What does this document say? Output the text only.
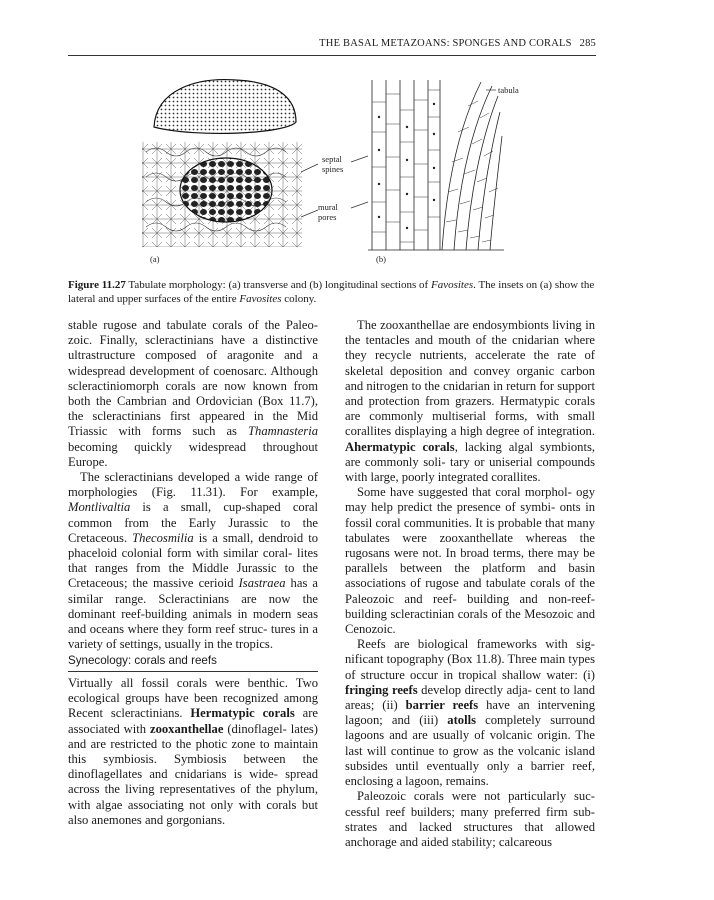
THE BASAL METAZOANS: SPONGES AND CORALS 285
(a)
septal
spines
mural
pores
(b)
tabula
Figure 11.27 Tabulate morphology: (a) transverse and (b) longitudinal sections of Favosites. The insets on (a) show the lateral and upper surfaces of the entire Favosites colony.

stable rugose and tabulate corals of the Paleo- zoic. Finally, scleractinians have a distinctive ultrastructure composed of aragonite and a widespread development of coenosarc. Although scleractiniomorph corals are now known from both the Cambrian and Ordovician (Box 11.7), the scleractinians first appeared in the Mid Triassic with forms such as Thamnasteria becoming quickly widespread throughout Europe.

The scleractinians developed a wide range of morphologies (Fig. 11.31). For example, Montlivaltia is a small, cup-shaped coral common from the Early Jurassic to the Cretaceous. Thecosmilia is a small, dendroid to phaceloid colonial form with similar coral- lites that ranges from the Middle Jurassic to the Cretaceous; the massive cerioid Isastraea has a similar range. Scleractinians are now the dominant reef-building animals in modern seas and oceans where they form reef struc- tures in a variety of settings, usually in the tropics.

Synecology: corals and reefs

Virtually all fossil corals were benthic. Two ecological groups have been recognized among Recent scleractinians. Hermatypic corals are associated with zooxanthellae (dinoflagel- lates) and are restricted to the photic zone to maintain this symbiosis. Symbiosis between the dinoflagellates and cnidarians is wide- spread across the living representatives of the phylum, with algae associating not only with corals but also anemones and gorgonians.

The zooxanthellae are endosymbionts living in the tentacles and mouth of the cnidarian where they recycle nutrients, accelerate the rate of skeletal deposition and convey organic carbon and nitrogen to the cnidarian in return for support and protection from grazers. Hermatypic corals are commonly multiserial forms, with small corallites displaying a high degree of integration. Ahermatypic corals, lacking algal symbionts, are commonly soli- tary or uniserial compounds with large, poorly integrated corallites.

Some have suggested that coral morphol- ogy may help predict the presence of symbi- onts in fossil coral communities. It is probable that many tabulates were zooxanthellate whereas the rugosans were not. In broad terms, there may be parallels between the platform and basin associations of rugose and tabulate corals of the Paleozoic and reef- building and non-reef-building scleractinian corals of the Mesozoic and Cenozoic.

Reefs are biological frameworks with sig- nificant topography (Box 11.8). Three main types of structure occur in tropical shallow water: (i) fringing reefs develop directly adja- cent to land areas; (ii) barrier reefs have an intervening lagoon; and (iii) atolls completely surround lagoons and are usually of volcanic origin. The last will continue to grow as the volcanic island subsides until eventually only a barrier reef, enclosing a lagoon, remains.

Paleozoic corals were not particularly suc- cessful reef builders; many preferred firm sub- strates and lacked structures that allowed anchorage and aided stability; calcareous
